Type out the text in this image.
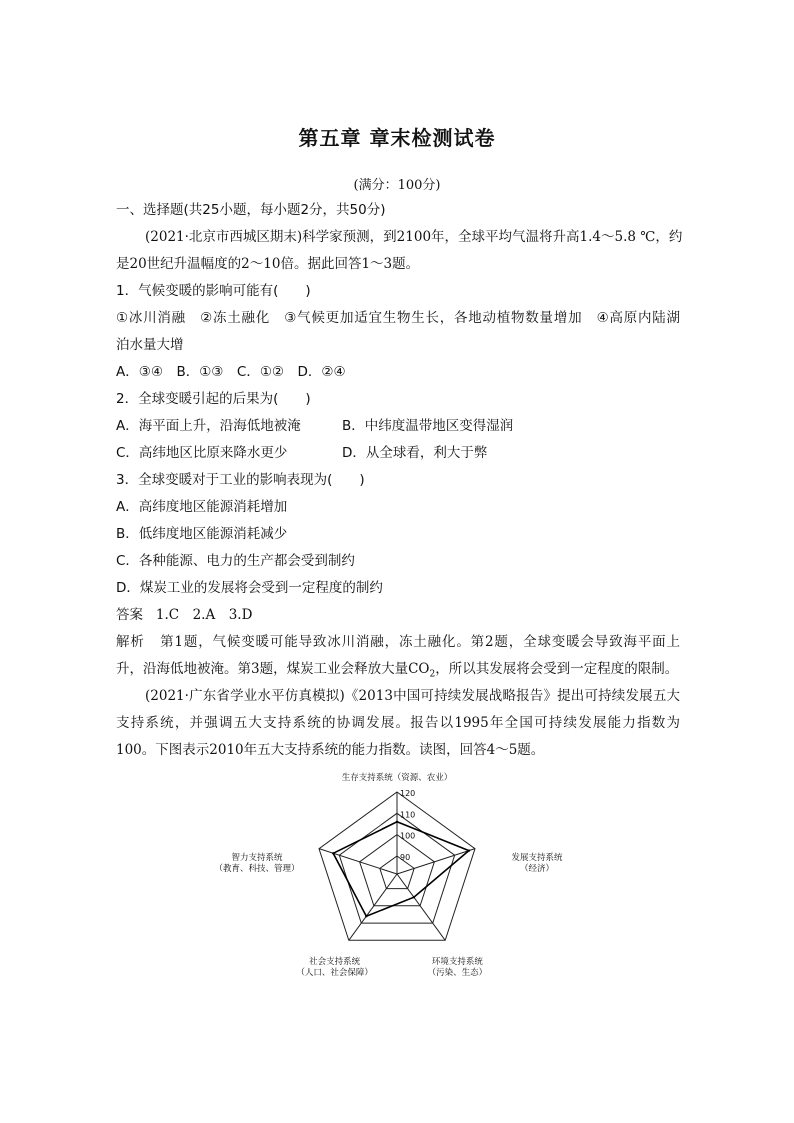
第五章 章末检测试卷
(满分：100分)
一、选择题(共25小题，每小题2分，共50分)
(2021·北京市西城区期末)科学家预测，到2100年，全球平均气温将升高1.4～5.8 ℃，约
是20世纪升温幅度的2～10倍。据此回答1～3题。
1．气候变暖的影响可能有(　　)
①冰川消融　②冻土融化　③气候更加适宜生物生长，各地动植物数量增加　④高原内陆湖
泊水量大增
A．③④　B．①③　C．①②　D．②④
2．全球变暖引起的后果为(　　)
A．海平面上升，沿海低地被淹	B．中纬度温带地区变得湿润
C．高纬地区比原来降水更少	D．从全球看，利大于弊
3．全球变暖对于工业的影响表现为(　　)
A．高纬度地区能源消耗增加
B．低纬度地区能源消耗减少
C．各种能源、电力的生产都会受到制约
D．煤炭工业的发展将会受到一定程度的制约
答案 1.C　2.A　3.D
解析 第1题，气候变暖可能导致冰川消融，冻土融化。第2题，全球变暖会导致海平面上
升，沿海低地被淹。第3题，煤炭工业会释放大量$CO_2$，所以其发展将会受到一定程度的限制。
(2021·广东省学业水平仿真模拟)《2013中国可持续发展战略报告》提出可持续发展五大
支持系统，并强调五大支持系统的协调发展。报告以1995年全国可持续发展能力指数为
100。下图表示2010年五大支持系统的能力指数。读图，回答4～5题。
90
100
110
120
生存支持系统（资源、农业）
发展支持系统
（经济）
环境支持系统
（污染、生态）
社会支持系统
（人口、社会保障）
智力支持系统
（教育、科技、管理）
